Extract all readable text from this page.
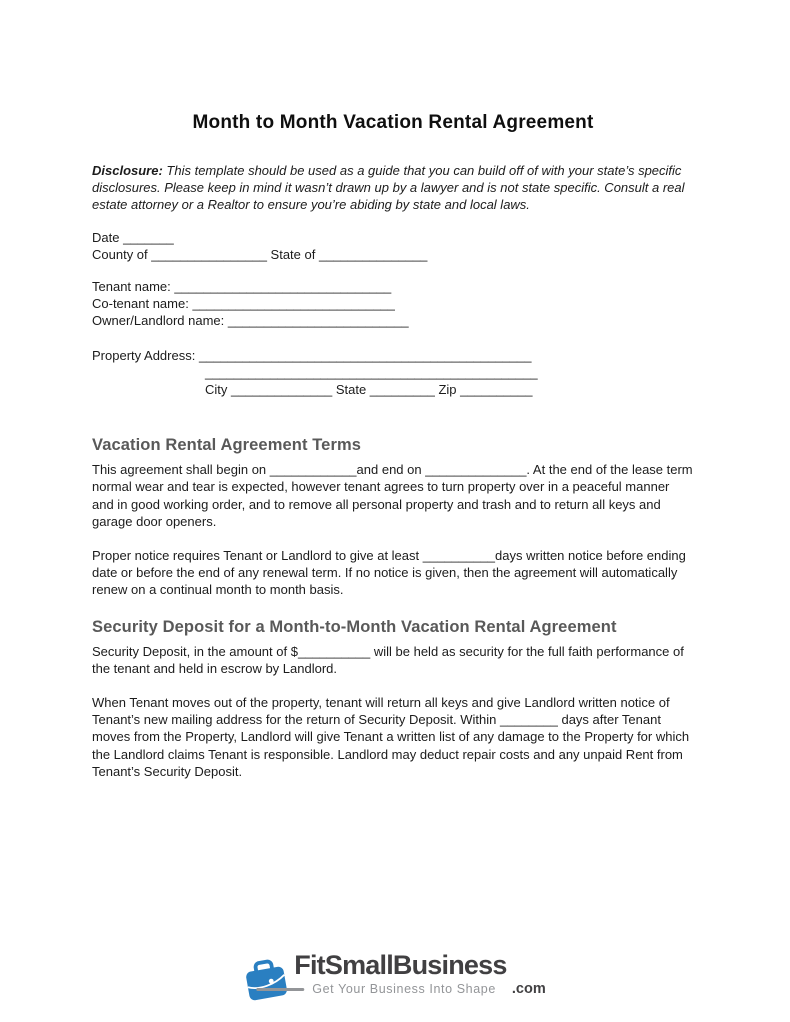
Month to Month Vacation Rental Agreement

Disclosure: This template should be used as a guide that you can build off of with your state’s specific disclosures. Please keep in mind it wasn’t drawn up by a lawyer and is not state specific. Consult a real estate attorney or a Realtor to ensure you’re abiding by state and local laws.

Date _______
County of ________________ State of _______________
Tenant name: ______________________________
Co-tenant name: ____________________________
Owner/Landlord name: _________________________
Property Address: ______________________________________________
______________________________________________
City ______________ State _________ Zip __________
Vacation Rental Agreement Terms

This agreement shall begin on ____________and end on ______________. At the end of the lease term normal wear and tear is expected, however tenant agrees to turn property over in a peaceful manner and in good working order, and to remove all personal property and trash and to return all keys and garage door openers.

Proper notice requires Tenant or Landlord to give at least __________days written notice before ending date or before the end of any renewal term. If no notice is given, then the agreement will automatically renew on a continual month to month basis.

Security Deposit for a Month-to-Month Vacation Rental Agreement

Security Deposit, in the amount of $__________ will be held as security for the full faith performance of the tenant and held in escrow by Landlord.

When Tenant moves out of the property, tenant will return all keys and give Landlord written notice of Tenant’s new mailing address for the return of Security Deposit. Within ________ days after Tenant moves from the Property, Landlord will give Tenant a written list of any damage to the Property for which the Landlord claims Tenant is responsible. Landlord may deduct repair costs and any unpaid Rent from Tenant’s Security Deposit.

FitSmallBusiness
Get Your Business Into Shape .com
